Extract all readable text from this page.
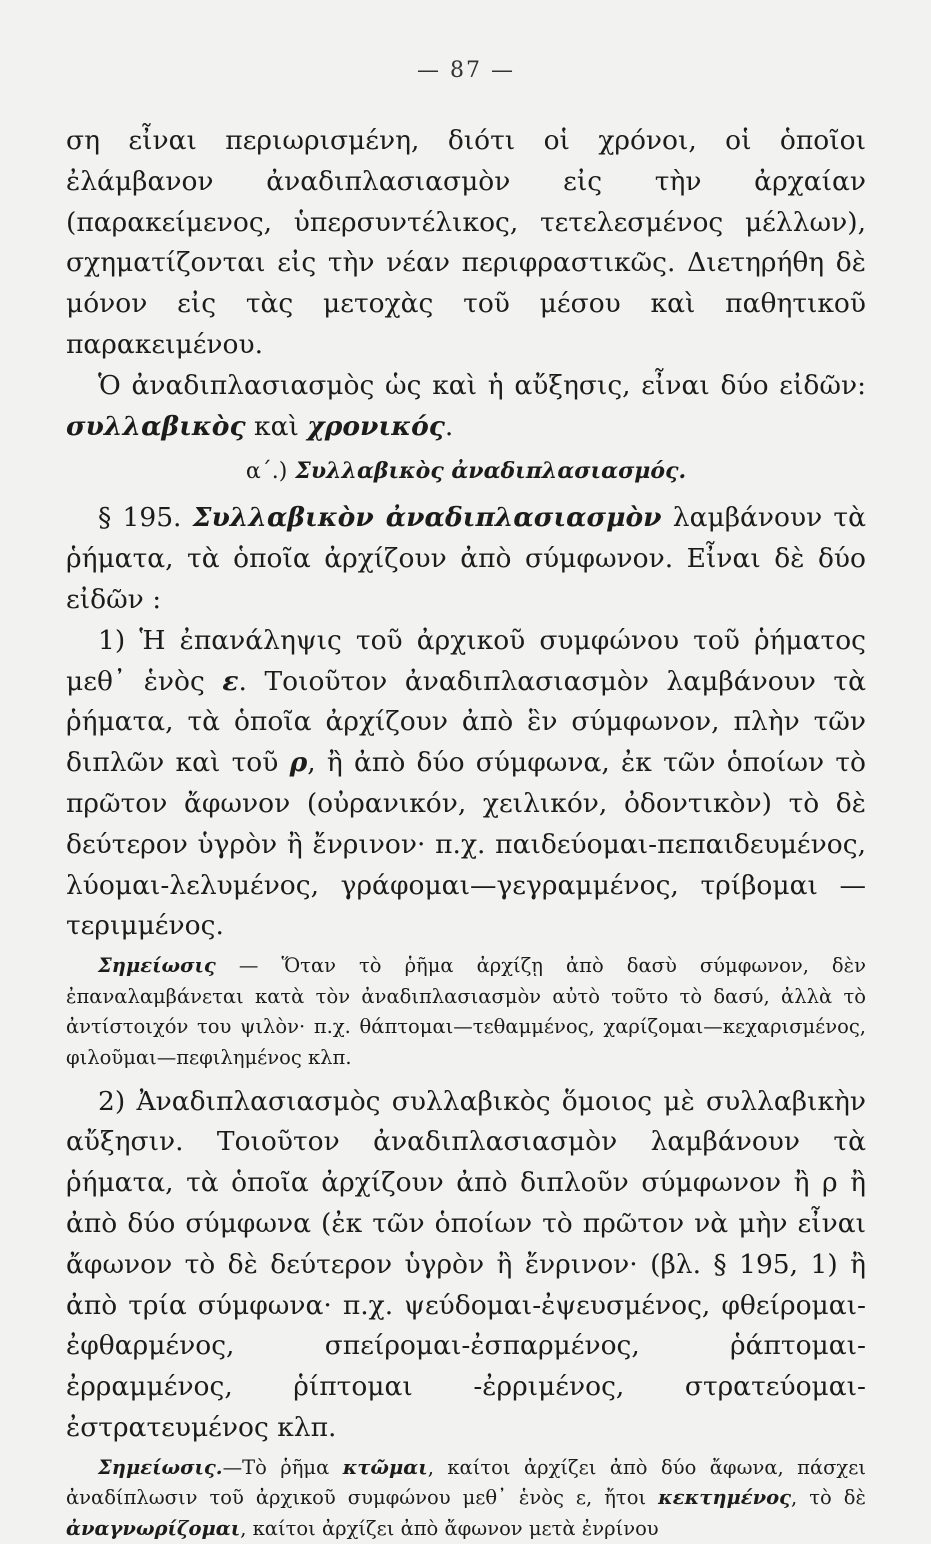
— 87 —

ση εἶναι περιωρισμένη, διότι οἱ χρόνοι, οἱ ὁποῖοι ἐλάμβανον ἀναδιπλασιασμὸν εἰς τὴν ἀρχαίαν (παρακείμενος, ὑπερσυντέλικος, τετελεσμένος μέλλων), σχηματίζονται εἰς τὴν νέαν περιφραστικῶς. Διετηρήθη δὲ μόνον εἰς τὰς μετοχὰς τοῦ μέσου καὶ παθητικοῦ παρακειμένου.

Ὁ ἀναδιπλασιασμὸς ὡς καὶ ἡ αὔξησις, εἶναι δύο εἰδῶν: συλλαβικὸς καὶ χρονικός.

α΄.) Συλλαβικὸς ἀναδιπλασιασμός.

§ 195. Συλλαβικὸν ἀναδιπλασιασμὸν λαμβάνουν τὰ ῥήματα, τὰ ὁποῖα ἀρχίζουν ἀπὸ σύμφωνον. Εἶναι δὲ δύο εἰδῶν :

1) Ἡ ἐπανάληψις τοῦ ἀρχικοῦ συμφώνου τοῦ ῥήματος μεθ᾿ ἑνὸς ε. Τοιοῦτον ἀναδιπλασιασμὸν λαμβάνουν τὰ ῥήματα, τὰ ὁποῖα ἀρχίζουν ἀπὸ ἓν σύμφωνον, πλὴν τῶν διπλῶν καὶ τοῦ ρ, ἢ ἀπὸ δύο σύμφωνα, ἐκ τῶν ὁποίων τὸ πρῶτον ἄφωνον (οὐρανικόν, χειλικόν, ὀδοντικὸν) τὸ δὲ δεύτερον ὑγρὸν ἢ ἔνρινον· π.χ. παιδεύομαι-πεπαιδευμένος, λύομαι-λελυμένος, γράφομαι—γεγραμμένος, τρίβομαι — τεριμμένος.

Σημείωσις — Ὅταν τὸ ῥῆμα ἀρχίζῃ ἀπὸ δασὺ σύμφωνον, δὲν ἐπαναλαμβάνεται κατὰ τὸν ἀναδιπλασιασμὸν αὐτὸ τοῦτο τὸ δασύ, ἀλλὰ τὸ ἀντίστοιχόν του ψιλὸν· π.χ. θάπτομαι—τεθαμμένος, χαρίζομαι—κεχαρισμένος, φιλοῦμαι—πεφιλημένος κλπ.

2) Ἀναδιπλασιασμὸς συλλαβικὸς ὅμοιος μὲ συλλαβικὴν αὔξησιν. Τοιοῦτον ἀναδιπλασιασμὸν λαμβάνουν τὰ ῥήματα, τὰ ὁποῖα ἀρχίζουν ἀπὸ διπλοῦν σύμφωνον ἢ ρ ἢ ἀπὸ δύο σύμφωνα (ἐκ τῶν ὁποίων τὸ πρῶτον νὰ μὴν εἶναι ἄφωνον τὸ δὲ δεύτερον ὑγρὸν ἢ ἔνρινον· (βλ. § 195, 1) ἢ ἀπὸ τρία σύμφωνα· π.χ. ψεύδομαι-ἐψευσμένος, φθείρομαι-ἐφθαρμένος, σπείρομαι-ἐσπαρμένος, ῥάπτομαι-ἐρραμμένος, ῥίπτομαι -ἐρριμένος, στρατεύομαι-ἐστρατευμένος κλπ.

Σημείωσις.—Τὸ ῥῆμα κτῶμαι, καίτοι ἀρχίζει ἀπὸ δύο ἄφωνα, πάσχει ἀναδίπλωσιν τοῦ ἀρχικοῦ συμφώνου μεθ᾿ ἑνὸς ε, ἤτοι κεκτημένος, τὸ δὲ ἀναγνωρίζομαι, καίτοι ἀρχίζει ἀπὸ ἄφωνον μετὰ ἐνρίνου
